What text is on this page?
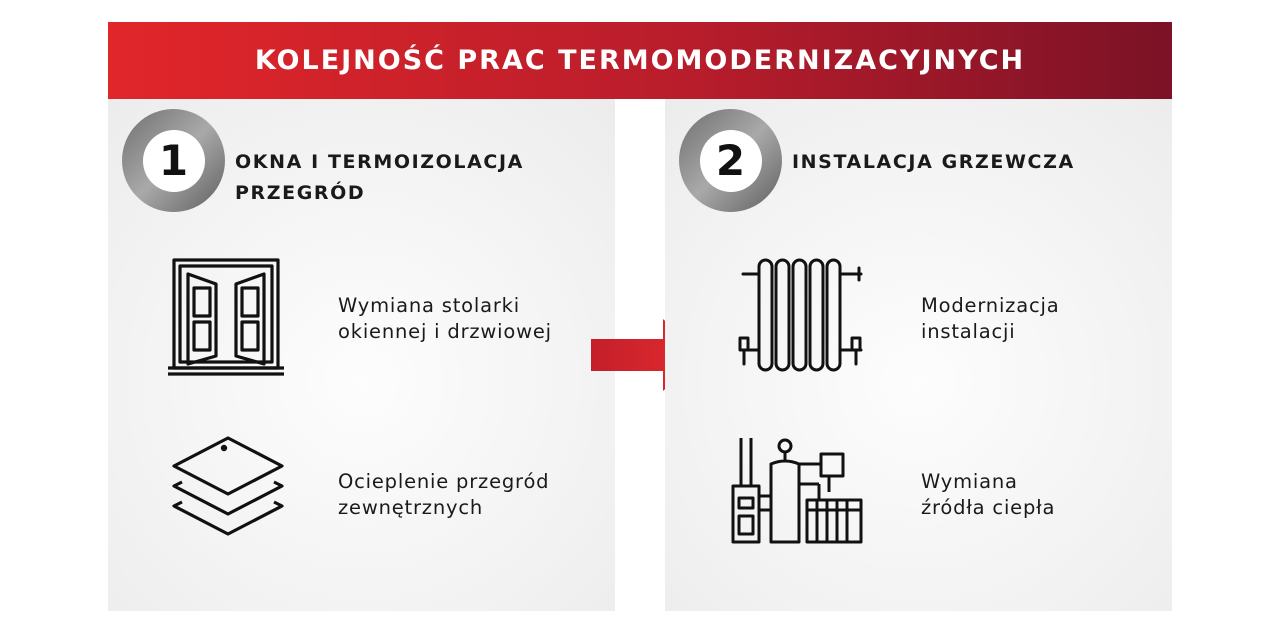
KOLEJNOŚĆ PRAC TERMOMODERNIZACYJNYCH
1	OKNA I TERMOIZOLACJA
PRZEGRÓD
Wymiana stolarki
okiennej i drzwiowej
Ocieplenie przegród
zewnętrznych
2	INSTALACJA GRZEWCZA
Modernizacja
instalacji
Wymiana
źródła ciepła
